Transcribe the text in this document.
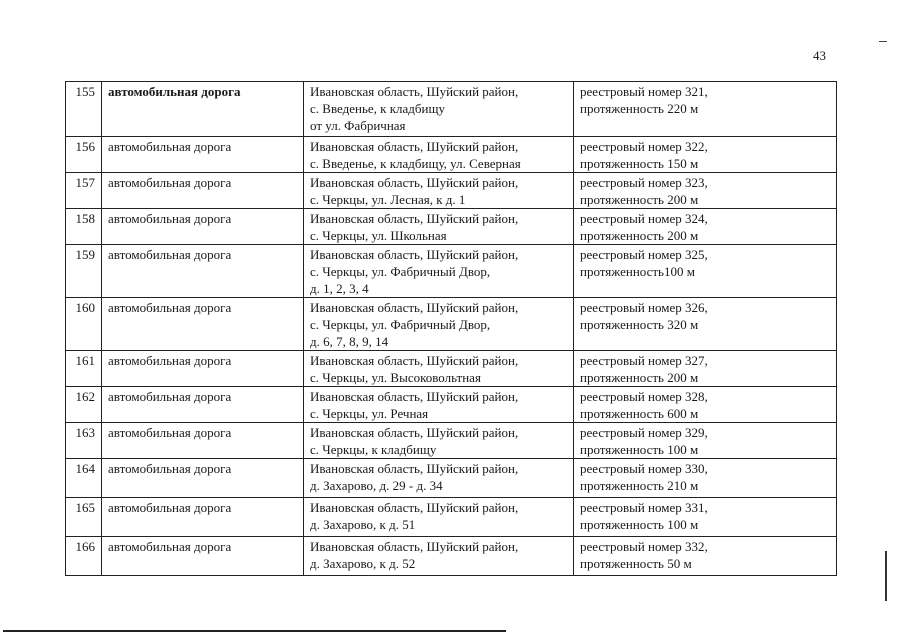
43
155	автомобильная дорога	Ивановская область, Шуйский район,
с. Введенье, к кладбищу
от ул. Фабричная	реестровый номер 321,
протяженность 220 м

156	автомобильная дорога	Ивановская область, Шуйский район,
с. Введенье, к кладбищу, ул. Северная	реестровый номер 322,
протяженность 150 м

157	автомобильная дорога	Ивановская область, Шуйский район,
с. Черкцы, ул. Лесная, к д. 1	реестровый номер 323,
протяженность 200 м

158	автомобильная дорога	Ивановская область, Шуйский район,
с. Черкцы, ул. Школьная	реестровый номер 324,
протяженность 200 м

159	автомобильная дорога	Ивановская область, Шуйский район,
с. Черкцы, ул. Фабричный Двор,
д. 1, 2, 3, 4	реестровый номер 325,
протяженность100 м

160	автомобильная дорога	Ивановская область, Шуйский район,
с. Черкцы, ул. Фабричный Двор,
д. 6, 7, 8, 9, 14	реестровый номер 326,
протяженность 320 м

161	автомобильная дорога	Ивановская область, Шуйский район,
с. Черкцы, ул. Высоковольтная	реестровый номер 327,
протяженность 200 м

162	автомобильная дорога	Ивановская область, Шуйский район,
с. Черкцы, ул. Речная	реестровый номер 328,
протяженность 600 м

163	автомобильная дорога	Ивановская область, Шуйский район,
с. Черкцы, к кладбищу	реестровый номер 329,
протяженность 100 м

164	автомобильная дорога	Ивановская область, Шуйский район,
д. Захарово, д. 29 - д. 34	реестровый номер 330,
протяженность 210 м

165	автомобильная дорога	Ивановская область, Шуйский район,
д. Захарово, к д. 51	реестровый номер 331,
протяженность 100 м

166	автомобильная дорога	Ивановская область, Шуйский район,
д. Захарово, к д. 52	реестровый номер 332,
протяженность 50 м
